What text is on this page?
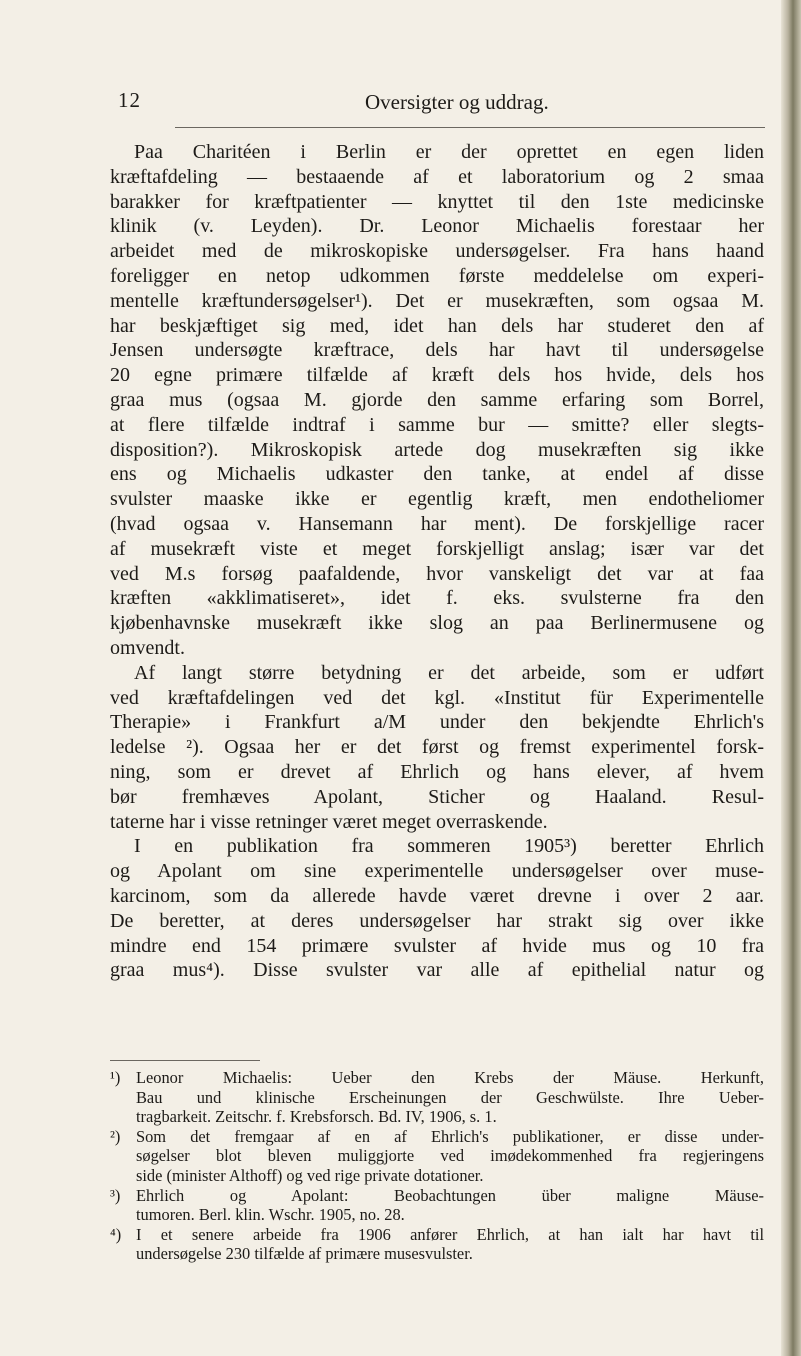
12	Oversigter og uddrag.
Paa Charitéen i Berlin er der oprettet en egen liden
kræftafdeling — bestaaende af et laboratorium og 2 smaa
barakker for kræftpatienter — knyttet til den 1ste medicinske
klinik (v. Leyden). Dr. Leonor Michaelis forestaar her
arbeidet med de mikroskopiske undersøgelser. Fra hans haand
foreligger en netop udkommen første meddelelse om experi-
mentelle kræftundersøgelser¹). Det er musekræften, som ogsaa M.
har beskjæftiget sig med, idet han dels har studeret den af
Jensen undersøgte kræftrace, dels har havt til undersøgelse
20 egne primære tilfælde af kræft dels hos hvide, dels hos
graa mus (ogsaa M. gjorde den samme erfaring som Borrel,
at flere tilfælde indtraf i samme bur — smitte? eller slegts-
disposition?). Mikroskopisk artede dog musekræften sig ikke
ens og Michaelis udkaster den tanke, at endel af disse
svulster maaske ikke er egentlig kræft, men endotheliomer
(hvad ogsaa v. Hansemann har ment). De forskjellige racer
af musekræft viste et meget forskjelligt anslag; især var det
ved M.s forsøg paafaldende, hvor vanskeligt det var at faa
kræften «akklimatiseret», idet f. eks. svulsterne fra den
kjøbenhavnske musekræft ikke slog an paa Berlinermusene og
omvendt.
Af langt større betydning er det arbeide, som er udført
ved kræftafdelingen ved det kgl. «Institut für Experimentelle
Therapie» i Frankfurt a/M under den bekjendte Ehrlich's
ledelse ²). Ogsaa her er det først og fremst experimentel forsk-
ning, som er drevet af Ehrlich og hans elever, af hvem
bør fremhæves Apolant, Sticher og Haaland. Resul-
taterne har i visse retninger været meget overraskende.
I en publikation fra sommeren 1905³) beretter Ehrlich
og Apolant om sine experimentelle undersøgelser over muse-
karcinom, som da allerede havde været drevne i over 2 aar.
De beretter, at deres undersøgelser har strakt sig over ikke
mindre end 154 primære svulster af hvide mus og 10 fra
graa mus⁴). Disse svulster var alle af epithelial natur og
¹) Leonor Michaelis: Ueber den Krebs der Mäuse. Herkunft,
Bau und klinische Erscheinungen der Geschwülste. Ihre Ueber-
tragbarkeit. Zeitschr. f. Krebsforsch. Bd. IV, 1906, s. 1.
²) Som det fremgaar af en af Ehrlich's publikationer, er disse under-
søgelser blot bleven muliggjorte ved imødekommenhed fra regjeringens
side (minister Althoff) og ved rige private dotationer.
³) Ehrlich og Apolant: Beobachtungen über maligne Mäuse-
tumoren. Berl. klin. Wschr. 1905, no. 28.
⁴) I et senere arbeide fra 1906 anfører Ehrlich, at han ialt har havt til
undersøgelse 230 tilfælde af primære musesvulster.
